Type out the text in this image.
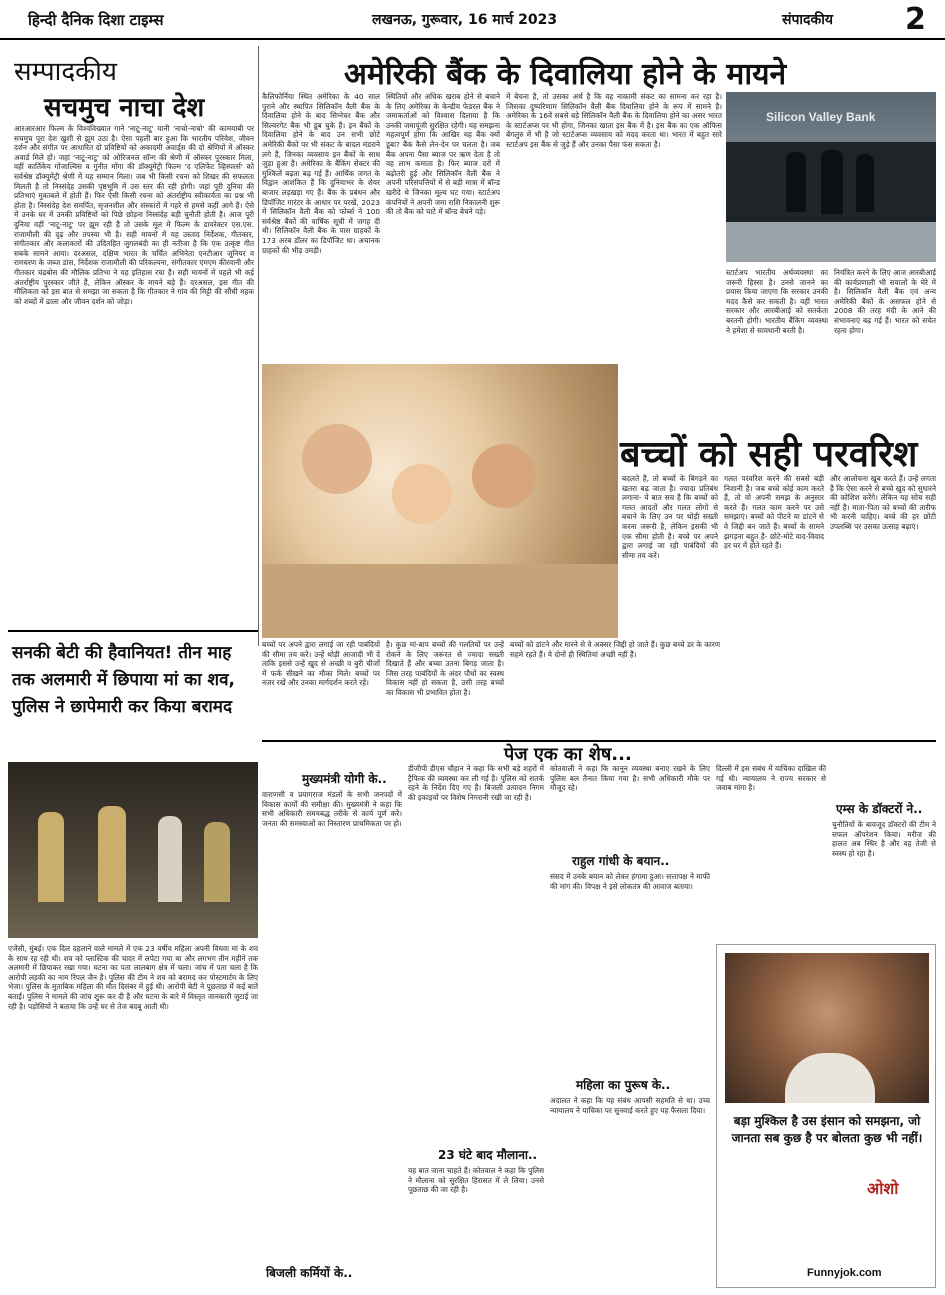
हिन्दी दैनिक दिशा टाइम्स	लखनऊ, गुरूवार, 16 मार्च 2023	संपादकीय 2
सम्पादकीय
सचमुच नाचा देश
आरआरआर फिल्म के विश्वविख्यात गाने 'नाटू-नाटू' यानी 'नाचो-नाचो' की कामयाबी पर सचमुच पूरा देश खुशी से झूम उठा है। ऐसा पहली बार हुआ कि भारतीय परिवेश, जीवन दर्शन और संगीत पर आधारित दो प्रविष्टियों को अकादमी अवार्ड्स की दो श्रेणियों में ऑस्कर अवार्ड मिले हों। जहां 'नाटू-नाटू' को ओरिजनल सॉन्ग की श्रेणी में ऑस्कर पुरस्कार मिला, वहीं कार्तिकेय गोंजाल्विस व गुनीत मोंगा की डॉक्यूमेंट्री फिल्म 'द एलिफेंट व्हिस्परर्स' को सर्वश्रेष्ठ डॉक्यूमेंट्री श्रेणी में यह सम्मान मिला। जब भी किसी रचना को शिखर की सफलता मिलती है तो निस्संदेह उसकी पृष्ठभूमि में उस स्तर की रही होगी। जहां पूरी दुनिया की प्रतिभाएं मुकाबले में होती हैं। फिर ऐसी किसी रचना को अंतर्राष्ट्रीय स्वीकार्यता का प्रश्न भी होता है। निस्संदेह देश समर्पित, सृजनशील और संस्कारों में गहरे से हमसे कहीं आगे हैं। ऐसे में उनके घर में उनकी प्रविष्टियों को पिछे छोड़ना निस्संदेह बड़ी चुनौती होती है। आज पूरी दुनिया वहीं 'नाटू-नाटू' पर झूम रही है तो उसके मूल में फिल्म के डायरेक्टर एस.एस. राजामौली की दृढ़ और तपस्या भी है। सही मायनों में यह उस्ताद निर्देशक, गीतकार, संगीतकार और कलाकारों की उदितहित जुगलबंदी का ही नतीजा है कि एक उत्कृष्ट गीत सबके सामने आया। दरअसल, दक्षिण भारत के चर्चित अभिनेता एनटीआर जूनियर व रामचरण के जब्ज डांस, निर्देशक राजामौली की परिकल्पना, संगीतकार एमएम कीरवानी और गीतकार चंद्रबोस की मौलिक प्रतिभा ने यह इतिहास रचा है। सही मायनों में पहले भी कई अंतर्राष्ट्रीय पुरस्कार जीते हैं, लेकिन ऑस्कर के मायने बड़े हैं। दरअसल, इस गीत की मौलिकता को इस बात से समझा जा सकता है कि गीतकार ने गांव की मिट्टी की सौंधी महक को शब्दों में ढाला और जीवन दर्शन को जोड़ा।
अमेरिकी बैंक के दिवालिया होने के मायने
कैलिफोर्निया स्थित अमेरिका के 40 साल पुराने और स्थापित सिलिकॉन वैली बैंक के दिवालिया होने के बाद सिग्नेचर बैंक और सिल्वरगेट बैंक भी डूब चुके हैं। इन बैंकों के दिवालिया होने के बाद उन सभी छोटे अमेरिकी बैंकों पर भी संकट के बादल मंडराने लगे हैं, जिनका व्यवसाय इन बैंकों के साथ जुड़ा हुआ है। अमेरिका के बैंकिंग सेक्टर की मुश्किलें बढ़ता बढ़ गई हैं। आर्थिक जगत के विद्वान आशंकित हैं कि दुनियाभर के शेयर बाजार लड़खड़ा गए हैं। बैंक के प्रबंधन और डिपॉजिट गारंटर के आधार पर परखें, 2023 में सिलिकॉन वैली बैंक को फोर्ब्स ने 100 सर्वश्रेष्ठ बैंकों की वार्षिक सूची में जगह दी थी। सिलिकॉन वैली बैंक के पास ग्राहकों के 173 अरब डॉलर का डिपॉजिट था। अचानक ग्राहकों की भीड़ उमड़ी।
स्थितियों और अधिक खराब होने से बचाने के लिए अमेरिका के केन्द्रीय फेडरल बैंक ने जमाकर्ताओं को विश्वास दिलाया है कि उनकी जमापूंजी सुरक्षित रहेगी। यह समझना महत्वपूर्ण होगा कि आखिर यह बैंक क्यों डूबा? बैंक कैसे लेन-देन पर चलता है। जब बैंक अपना पैसा ब्याज पर ऋण देता है तो वह लाभ कमाता है। फिर ब्याज दरों में बढ़ोतरी हुई और सिलिकॉन वैली बैंक ने अपनी परिसंपत्तियों में से बड़ी मात्रा में बॉन्ड खरीदे थे जिनका मूल्य घट गया। स्टार्टअप कंपनियों ने अपनी जमा राशि निकालनी शुरू की तो बैंक को घाटे में बॉन्ड बेचने पड़े।
में बेचना है, तो उसका अर्थ है कि वह नाकामी संकट का सामना कर रहा है। जिसका दुष्परिणाम सिलिकॉन वैली बैंक दिवालिया होने के रूप में सामने है। अमेरिका के 16वें सबसे बड़े सिलिकॉन वैली बैंक के दिवालिया होने का असर भारत के स्टार्टअप्स पर भी होगा, जिनका खाता इस बैंक में है। इस बैंक का एक ऑफिस बेंगलुरु में भी है जो स्टार्टअप्स व्यवसाय को मदद करता था। भारत में बहुत सारे स्टार्टअप इस बैंक से जुड़े हैं और उनका पैसा फंस सकता है।
Silicon Valley Bank
स्टार्टअप भारतीय अर्थव्यवस्था का जरूरी हिस्सा है। उनसे जानने का प्रयास किया जाएगा कि सरकार उनकी मदद कैसे कर सकती है। वहीं भारत सरकार और आरबीआई को सतर्कता बरतनी होगी। भारतीय बैंकिंग व्यवस्था ने हमेशा से सावधानी बरती है।
नियंत्रित करने के लिए आज आरबीआई की कार्यप्रणाली भी सवालों के घेरे में है। सिलिकॉन वैली बैंक एवं अन्य अमेरिकी बैंकों के असफल होने से 2008 की तरह मंदी के आने की संभावनाएं बढ़ गई हैं। भारत को सचेत रहना होगा।
बच्चों को सही परवरिश
बदलते हैं, तो बच्चों के बिगड़ने का खतरा बढ़ जाता है। ज्यादा प्रतिबंध लगाना- ये बात सच है कि बच्चों को गलत आदतों और गलत लोगों से बचाने के लिए उन पर थोड़ी सख्ती करना जरूरी है, लेकिन इसकी भी एक सीमा होती है। बच्चे पर अपने द्वारा लगाई जा रही पाबंदियों की सीमा तय करें।
गलत परवरिश करने की सबसे बड़ी निशानी है। जब बच्चे कोई काम करते हैं, तो वो अपनी समझ के अनुसार करते हैं। गलत काम करने पर उसे समझाएं। बच्चों को पीटने या डांटने से वे जिद्दी बन जाते हैं। बच्चों के सामने झगड़ना बहुत है- छोटे-मोटे वाद-विवाद हर घर में होते रहते हैं।
और आलोचना खूब करते हैं। उन्हें लगता है कि ऐसा करने से बच्चे खुद को सुधारने की कोशिश करेंगे। लेकिन यह सोच सही नहीं है। माता-पिता को बच्चों की तारीफ भी करनी चाहिए। बच्चे की हर छोटी उपलब्धि पर उसका उत्साह बढ़ाएं।
बच्चों पर अपने द्वारा लगाई जा रही पाबंदियों की सीमा तय करें। उन्हें थोड़ी आजादी भी दें ताकि इससे उन्हें खुद से अच्छी व बुरी चीजों में फर्क सीखने का मौका मिले। बच्चों पर नजर रखें और उनका मार्गदर्शन करते रहें।
है। कुछ मां-बाप बच्चों की गलतियों पर उन्हें रोकने के लिए जरूरत से ज्यादा सख्ती दिखाते हैं और बच्चा उतना बिगड़ जाता है। जिस तरह पाबंदियों के अंदर पौधों का स्वस्थ विकास नहीं हो सकता है, उसी तरह बच्चों का विकास भी प्रभावित होता है।
बच्चों को डांटने और मारने से वे अक्सर जिद्दी हो जाते हैं। कुछ बच्चे डर के कारण सहमे रहते हैं। ये दोनों ही स्थितियां अच्छी नहीं हैं।
सनकी बेटी की हैवानियत! तीन माह तक अलमारी में छिपाया मां का शव, पुलिस ने छापेमारी कर किया बरामद
एजेंसी, मुंबई। एक दिल दहलाने वाले मामले में एक 23 वर्षीय महिला अपनी विधवा मां के शव के साथ रह रही थी। शव को प्लास्टिक की चादर में लपेटा गया था और लगभग तीन महीने तक अलमारी में छिपाकर रखा गया। घटना का पता लालबाग क्षेत्र में चला। जांच में पता चला है कि आरोपी लड़की का नाम रिंपल जैन है। पुलिस की टीम ने शव को बरामद कर पोस्टमार्टम के लिए भेजा। पुलिस के मुताबिक महिला की मौत दिसंबर में हुई थी। आरोपी बेटी ने पूछताछ में कई बातें बताईं। पुलिस ने मामले की जांच शुरू कर दी है और घटना के बारे में विस्तृत जानकारी जुटाई जा रही है। पड़ोसियों ने बताया कि उन्हें घर से तेज बदबू आती थी।
पेज एक का शेष...
मुख्यमंत्री योगी के..
वाराणसी व प्रयागराज मंडलों के सभी जनपदों में विकास कार्यों की समीक्षा की। मुख्यमंत्री ने कहा कि सभी अधिकारी समयबद्ध तरीके से कार्य पूर्ण करें। जनता की समस्याओं का निस्तारण प्राथमिकता पर हो।
बिजली कर्मियों के..
डीजीपी डीएस चौहान ने कहा कि सभी बड़े शहरों में ट्रैफिक की व्यवस्था कर ली गई है। पुलिस को सतर्क रहने के निर्देश दिए गए हैं। बिजली उत्पादन निगम की इकाइयों पर विशेष निगरानी रखी जा रही है।
23 घंटे बाद मौलाना..
यह बात जाना चाहते हैं। कोतवाल ने कहा कि पुलिस ने मौलाना को सुरक्षित हिरासत में ले लिया। उनसे पूछताछ की जा रही है।
कोतवाली ने कहा कि कानून व्यवस्था बनाए रखने के लिए पुलिस बल तैनात किया गया है। सभी अधिकारी मौके पर मौजूद रहे।
राहुल गांधी के बयान..
संसद में उनके बयान को लेकर हंगामा हुआ। सत्तापक्ष ने माफी की मांग की। विपक्ष ने इसे लोकतंत्र की आवाज बताया।
महिला का पुरूष के..
अदालत ने कहा कि यह संबंध आपसी सहमति से था। उच्च न्यायालय ने याचिका पर सुनवाई करते हुए यह फैसला दिया।
दिल्ली में इस संबंध में याचिका दाखिल की गई थी। न्यायालय ने राज्य सरकार से जवाब मांगा है।
एम्स के डॉक्टरों ने..
चुनौतियों के बावजूद डॉक्टरों की टीम ने सफल ऑपरेशन किया। मरीज की हालत अब स्थिर है और वह तेजी से स्वस्थ हो रहा है।
बड़ा मुश्किल है उस इंसान को समझना, जो जानता सब कुछ है पर बोलता कुछ भी नहीं।
ओशो
Funnyjok.com
